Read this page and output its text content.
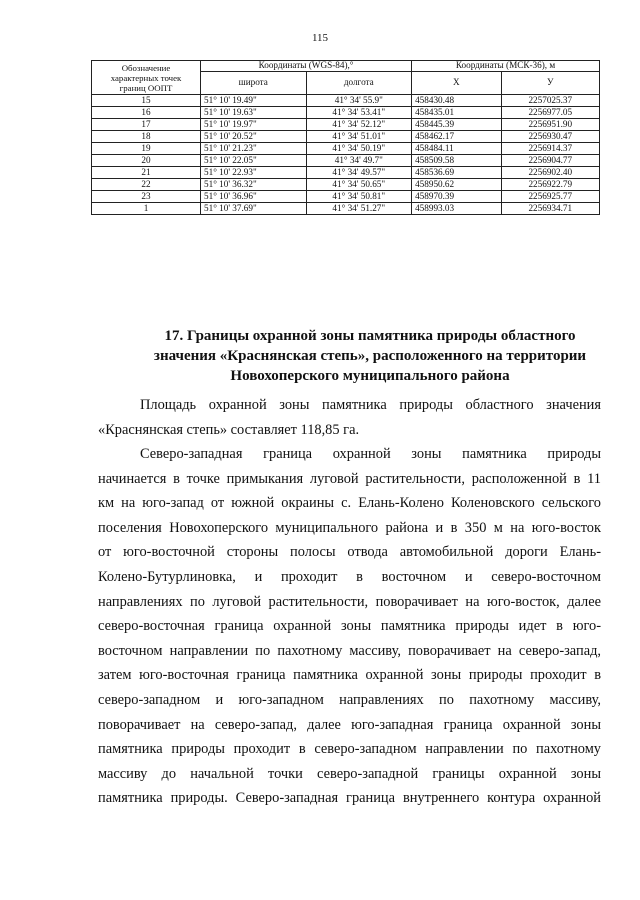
115
Обозначение
характерных точек
границ ООПТ	Координаты (WGS-84),°		Координаты (МСК-36), м	
	широта	долгота	X	У
15	51° 10' 19.49"	41° 34' 55.9"	458430.48	2257025.37
16	51° 10' 19.63"	41° 34' 53.41"	458435.01	2256977.05
17	51° 10' 19.97"	41° 34' 52.12"	458445.39	2256951.90
18	51° 10' 20.52"	41° 34' 51.01"	458462.17	2256930.47
19	51° 10' 21.23"	41° 34' 50.19"	458484.11	2256914.37
20	51° 10' 22.05"	41° 34' 49.7"	458509.58	2256904.77
21	51° 10' 22.93"	41° 34' 49.57"	458536.69	2256902.40
22	51° 10' 36.32"	41° 34' 50.65"	458950.62	2256922.79
23	51° 10' 36.96"	41° 34' 50.81"	458970.39	2256925.77
1	51° 10' 37.69"	41° 34' 51.27"	458993.03	2256934.71
17. Границы охранной зоны памятника природы областного
значения «Краснянская степь», расположенного на территории
Новохоперского муниципального района
Площадь охранной зоны памятника природы областного значения
«Краснянская степь» составляет 118,85 га.
Северо-западная граница охранной зоны памятника природы
начинается в точке примыкания луговой растительности, расположенной в 11
км на юго-запад от южной окраины с. Елань-Колено Коленовского сельского
поселения Новохоперского муниципального района и в 350 м на юго-восток
от юго-восточной стороны полосы отвода автомобильной дороги Елань-
Колено-Бутурлиновка, и проходит в восточном и северо-восточном
направлениях по луговой растительности, поворачивает на юго-восток, далее
северо-восточная граница охранной зоны памятника природы идет в юго-
восточном направлении по пахотному массиву, поворачивает на северо-запад,
затем юго-восточная граница памятника охранной зоны природы проходит в
северо-западном и юго-западном направлениях по пахотному массиву,
поворачивает на северо-запад, далее юго-западная граница охранной зоны
памятника природы проходит в северо-западном направлении по пахотному
массиву до начальной точки северо-западной границы охранной зоны
памятника природы. Северо-западная граница внутреннего контура охранной
